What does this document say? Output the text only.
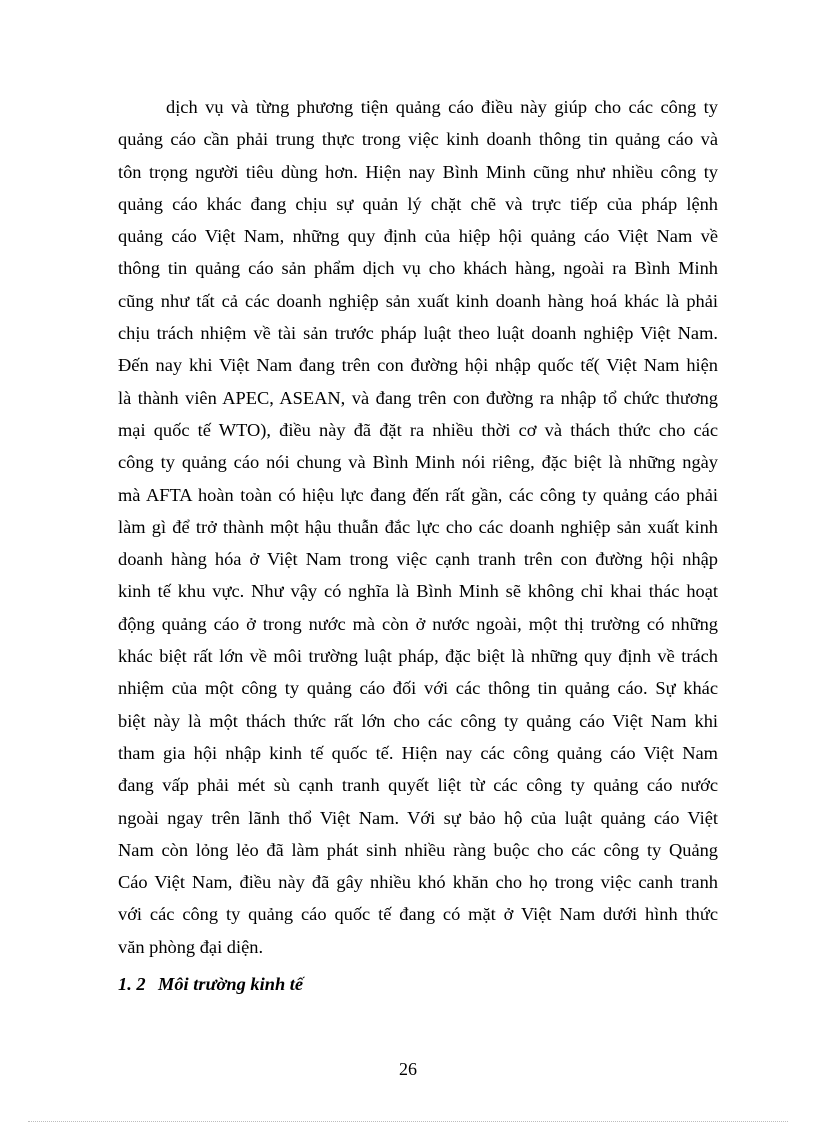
dịch vụ và từng phương tiện quảng cáo điều này giúp cho các công ty
quảng cáo cần phải trung thực trong việc kinh doanh thông tin quảng cáo và
tôn trọng người tiêu dùng hơn. Hiện nay Bình Minh cũng như nhiều công ty
quảng cáo khác đang chịu sự quản lý chặt chẽ và trực tiếp của pháp lệnh
quảng cáo Việt Nam, những quy định của hiệp hội quảng cáo Việt Nam về
thông tin quảng cáo sản phẩm dịch vụ cho khách hàng, ngoài ra Bình Minh
cũng như tất cả các doanh nghiệp sản xuất kinh doanh hàng hoá khác là phải
chịu trách nhiệm về tài sản trước pháp luật theo luật doanh nghiệp Việt Nam.
Đến nay khi Việt Nam đang trên con đường hội nhập quốc tế( Việt Nam hiện
là thành viên APEC, ASEAN, và đang trên con đường ra nhập tổ chức thương
mại quốc tế WTO), điều này đã đặt ra nhiều thời cơ và thách thức cho các
công ty quảng cáo nói chung và Bình Minh nói riêng, đặc biệt là những ngày
mà AFTA hoàn toàn có hiệu lực đang đến rất gần, các công ty quảng cáo phải
làm gì để trở thành một hậu thuẫn đắc lực cho các doanh nghiệp sản xuất kinh
doanh hàng hóa ở Việt Nam trong việc cạnh tranh trên con đường hội nhập
kinh tế khu vực. Như vậy có nghĩa là Bình Minh sẽ không chỉ khai thác hoạt
động quảng cáo ở trong nước mà còn ở nước ngoài, một thị trường có những
khác biệt rất lớn về môi trường luật pháp, đặc biệt là những quy định về trách
nhiệm của một công ty quảng cáo đối với các thông tin quảng cáo. Sự khác
biệt này là một thách thức rất lớn cho các công ty quảng cáo Việt Nam khi
tham gia hội nhập kinh tế quốc tế. Hiện nay các công quảng cáo Việt Nam
đang vấp phải mét sù cạnh tranh quyết liệt từ các công ty quảng cáo nước
ngoài ngay trên lãnh thổ Việt Nam. Với sự bảo hộ của luật quảng cáo Việt
Nam còn lỏng lẻo đã làm phát sinh nhiều ràng buộc cho các công ty Quảng
Cáo Việt Nam, điều này đã gây nhiều khó khăn cho họ trong việc canh tranh
với các công ty quảng cáo quốc tế đang có mặt ở Việt Nam dưới hình thức
văn phòng đại diện.
1. 2 Môi trường kinh tế
26
